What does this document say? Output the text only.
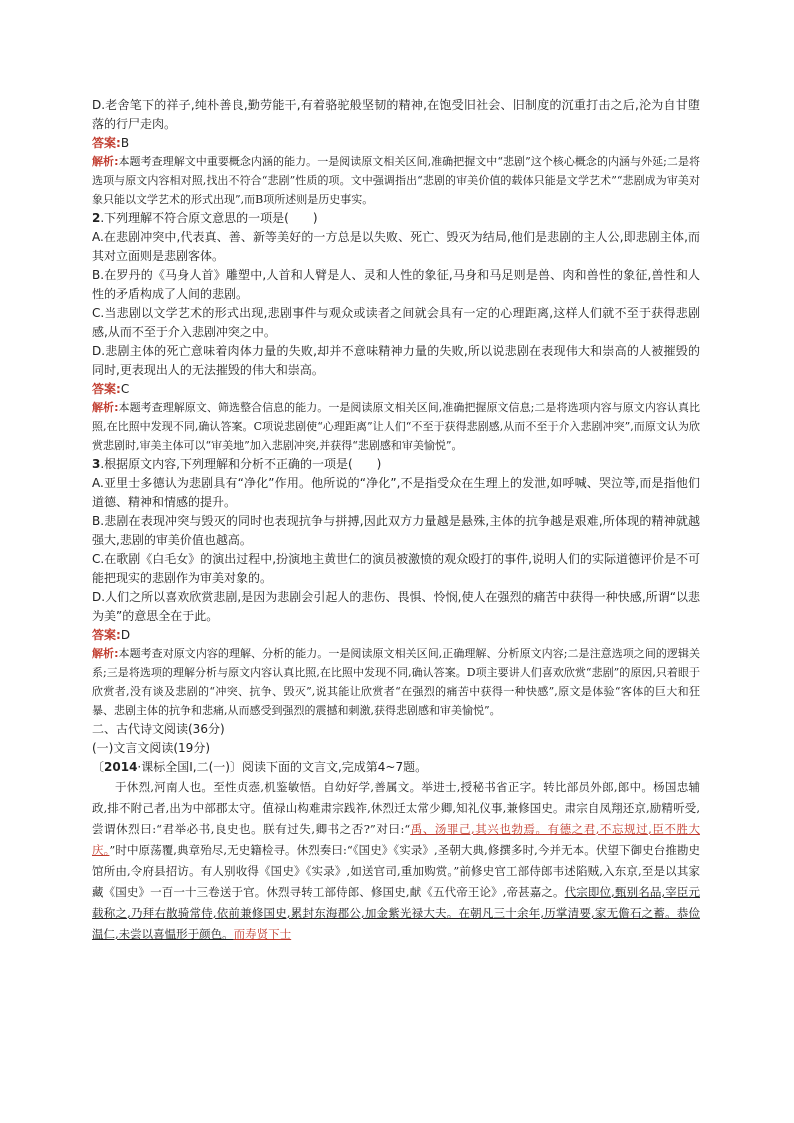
D.老舍笔下的祥子,纯朴善良,勤劳能干,有着骆驼般坚韧的精神,在饱受旧社会、旧制度的沉重打击之后,沦为自甘堕落的行尸走肉。

答案:B

解析:本题考查理解文中重要概念内涵的能力。一是阅读原文相关区间,准确把握文中“悲剧”这个核心概念的内涵与外延;二是将选项与原文内容相对照,找出不符合“悲剧”性质的项。文中强调指出“悲剧的审美价值的载体只能是文学艺术”“悲剧成为审美对象只能以文学艺术的形式出现”,而B项所述则是历史事实。

2.下列理解不符合原文意思的一项是(　　)

A.在悲剧冲突中,代表真、善、新等美好的一方总是以失败、死亡、毁灭为结局,他们是悲剧的主人公,即悲剧主体,而其对立面则是悲剧客体。

B.在罗丹的《马身人首》雕塑中,人首和人臂是人、灵和人性的象征,马身和马足则是兽、肉和兽性的象征,兽性和人性的矛盾构成了人间的悲剧。

C.当悲剧以文学艺术的形式出现,悲剧事件与观众或读者之间就会具有一定的心理距离,这样人们就不至于获得悲剧感,从而不至于介入悲剧冲突之中。

D.悲剧主体的死亡意味着肉体力量的失败,却并不意味精神力量的失败,所以说悲剧在表现伟大和崇高的人被摧毁的同时,更表现出人的无法摧毁的伟大和崇高。

答案:C

解析:本题考查理解原文、筛选整合信息的能力。一是阅读原文相关区间,准确把握原文信息;二是将选项内容与原文内容认真比照,在比照中发现不同,确认答案。C项说悲剧使“心理距离”让人们“不至于获得悲剧感,从而不至于介入悲剧冲突”,而原文认为欣赏悲剧时,审美主体可以“审美地”加入悲剧冲突,并获得“悲剧感和审美愉悦”。

3.根据原文内容,下列理解和分析不正确的一项是(　　)

A.亚里士多德认为悲剧具有“净化”作用。他所说的“净化”,不是指受众在生理上的发泄,如呼喊、哭泣等,而是指他们道德、精神和情感的提升。

B.悲剧在表现冲突与毁灭的同时也表现抗争与拼搏,因此双方力量越是悬殊,主体的抗争越是艰难,所体现的精神就越强大,悲剧的审美价值也越高。

C.在歌剧《白毛女》的演出过程中,扮演地主黄世仁的演员被激愤的观众殴打的事件,说明人们的实际道德评价是不可能把现实的悲剧作为审美对象的。

D.人们之所以喜欢欣赏悲剧,是因为悲剧会引起人的悲伤、畏惧、怜悯,使人在强烈的痛苦中获得一种快感,所谓“以悲为美”的意思全在于此。

答案:D

解析:本题考查对原文内容的理解、分析的能力。一是阅读原文相关区间,正确理解、分析原文内容;二是注意选项之间的逻辑关系;三是将选项的理解分析与原文内容认真比照,在比照中发现不同,确认答案。D项主要讲人们喜欢欣赏“悲剧”的原因,只着眼于欣赏者,没有谈及悲剧的“冲突、抗争、毁灭”,说其能让欣赏者“在强烈的痛苦中获得一种快感”,原文是体验“客体的巨大和狂暴、悲剧主体的抗争和悲痛,从而感受到强烈的震撼和刺激,获得悲剧感和审美愉悦”。

二、古代诗文阅读(36分)

(一)文言文阅读(19分)

〔2014·课标全国Ⅰ,二(一)〕阅读下面的文言文,完成第4~7题。

于休烈,河南人也。至性贞悫,机鉴敏悟。自幼好学,善属文。举进士,授秘书省正字。转比部员外郎,郎中。杨国忠辅政,排不附己者,出为中部郡太守。值禄山构难肃宗践祚,休烈迁太常少卿,知礼仪事,兼修国史。肃宗自凤翔还京,励精听受,尝谓休烈曰:“君举必书,良史也。朕有过失,卿书之否?”对曰:“禹、汤罪己,其兴也勃焉。有德之君,不忘规过,臣不胜大庆。”时中原荡覆,典章殆尽,无史籍检寻。休烈奏曰:“《国史》《实录》,圣朝大典,修撰多时,今并无本。伏望下御史台推勘史馆所由,令府县招访。有人别收得《国史》《实录》,如送官司,重加购赏。”前修史官工部侍郎韦述陷贼,入东京,至是以其家藏《国史》一百一十三卷送于官。休烈寻转工部侍郎、修国史,献《五代帝王论》,帝甚嘉之。代宗即位,甄别名品,宰臣元载称之,乃拜右散骑常侍,依前兼修国史,累封东海郡公,加金紫光禄大夫。在朝凡三十余年,历掌清要,家无儋石之蓄。恭俭温仁,未尝以喜愠形于颜色。而寿贤下士
